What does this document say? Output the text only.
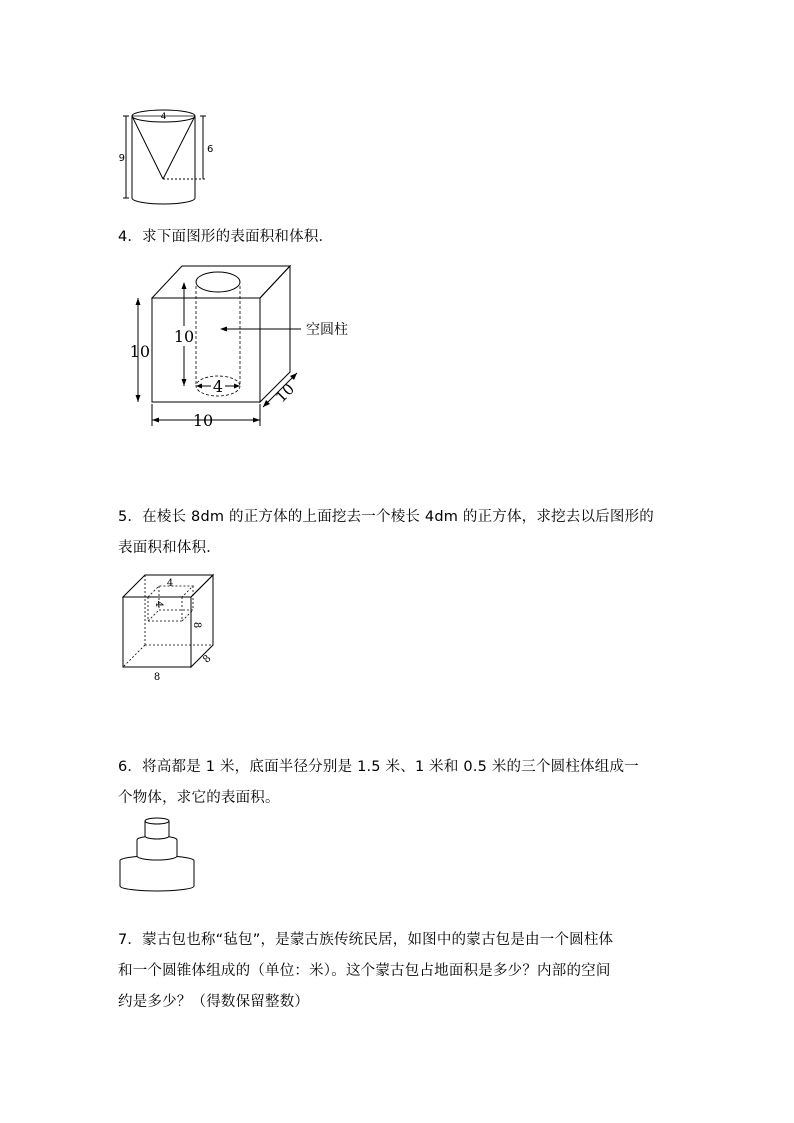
4
9
6
4．求下面图形的表面积和体积．
4
10
10
10
10
空圆柱
5．在棱长 8dm 的正方体的上面挖去一个棱长 4dm 的正方体，求挖去以后图形的
表面积和体积．
4
4
8
8
8
6．将高都是 1 米，底面半径分别是 1.5 米、1 米和 0.5 米的三个圆柱体组成一
个物体，求它的表面积。
7．蒙古包也称“毡包”，是蒙古族传统民居，如图中的蒙古包是由一个圆柱体
和一个圆锥体组成的（单位：米）。这个蒙古包占地面积是多少？内部的空间
约是多少？（得数保留整数）
